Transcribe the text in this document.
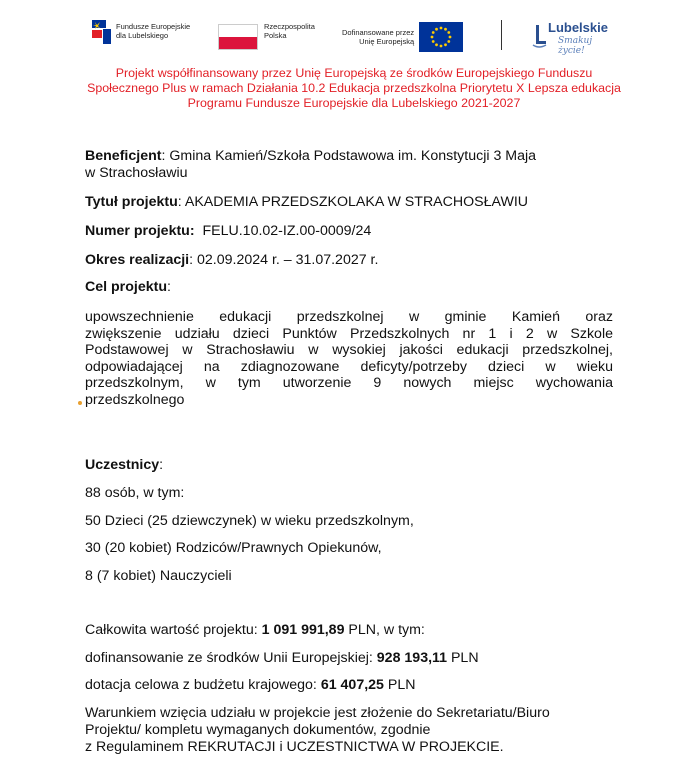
Fundusze Europejskie
dla Lubelskiego
Rzeczpospolita
Polska	Dofinansowane przez
Unię Europejską
Lubelskie
Smakuj życie!
Projekt współfinansowany przez Unię Europejską ze środków Europejskiego Funduszu
Społecznego Plus w ramach Działania 10.2 Edukacja przedszkolna Priorytetu X Lepsza edukacja
Programu Fundusze Europejskie dla Lubelskiego 2021-2027
Beneficjent: Gmina Kamień/Szkoła Podstawowa im. Konstytucji 3 Maja
w Strachosławiu
Tytuł projektu: AKADEMIA PRZEDSZKOLAKA W STRACHOSŁAWIU
Numer projektu: FELU.10.02-IZ.00-0009/24
Okres realizacji: 02.09.2024 r. – 31.07.2027 r.
Cel projektu:
upowszechnienie edukacji przedszkolnej w gminie Kamień oraz
zwiększenie udziału dzieci Punktów Przedszkolnych nr 1 i 2 w Szkole
Podstawowej w Strachosławiu w wysokiej jakości edukacji przedszkolnej,
odpowiadającej na zdiagnozowane deficyty/potrzeby dzieci w wieku
przedszkolnym, w tym utworzenie 9 nowych miejsc wychowania
przedszkolnego
Uczestnicy:
88 osób, w tym:
50 Dzieci (25 dziewczynek) w wieku przedszkolnym,
30 (20 kobiet) Rodziców/Prawnych Opiekunów,
8 (7 kobiet) Nauczycieli
Całkowita wartość projektu: 1 091 991,89 PLN, w tym:
dofinansowanie ze środków Unii Europejskiej: 928 193,11 PLN
dotacja celowa z budżetu krajowego: 61 407,25 PLN
Warunkiem wzięcia udziału w projekcie jest złożenie do Sekretariatu/Biuro
Projektu/ kompletu wymaganych dokumentów, zgodnie
z Regulaminem REKRUTACJI i UCZESTNICTWA W PROJEKCIE.
